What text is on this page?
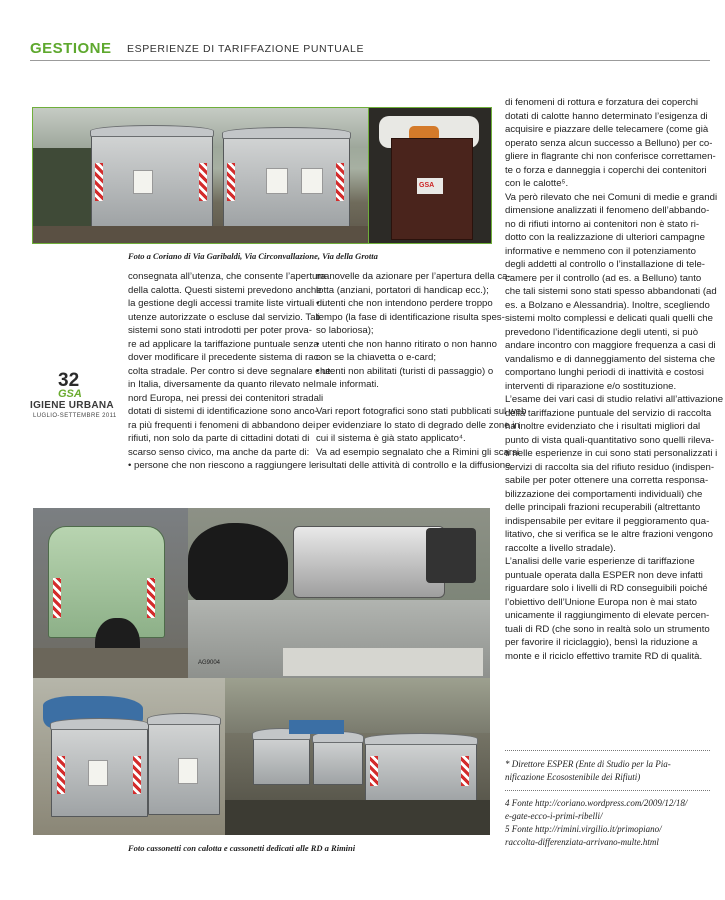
GESTIONE ESPERIENZE DI TARIFFAZIONE PUNTUALE
GSA
Foto a Coriano di Via Garibaldi, Via Circonvallazione, Via della Grotta
consegnata all’utenza, che consente l’apertura
della calotta. Questi sistemi prevedono anche
la gestione degli accessi tramite liste virtuali di
utenze autorizzate o escluse dal servizio. Tali
sistemi sono stati introdotti per poter prova-
re ad applicare la tariffazione puntuale senza
dover modificare il precedente sistema di rac-
colta stradale. Per contro si deve segnalare che
in Italia, diversamente da quanto rilevato nel
nord Europa, nei pressi dei contenitori stradali
dotati di sistemi di identificazione sono anco-
ra più frequenti i fenomeni di abbandono dei
rifiuti, non solo da parte di cittadini dotati di
scarso senso civico, ma anche da parte di:
• persone che non riescono a raggiungere le
manovelle da azionare per l’apertura della ca-
lotta (anziani, portatori di handicap ecc.);
• utenti che non intendono perdere troppo
tempo (la fase di identificazione risulta spes-
so laboriosa);
• utenti che non hanno ritirato o non hanno
con se la chiavetta o e-card;
• utenti non abilitati (turisti di passaggio) o
male informati.
Vari report fotografici sono stati pubblicati sul web
per evidenziare lo stato di degrado delle zone in
cui il sistema è già stato applicato⁴.
Va ad esempio segnalato che a Rimini gli scarsi
risultati delle attività di controllo e la diffusione
di fenomeni di rottura e forzatura dei coperchi
dotati di calotte hanno determinato l’esigenza di
acquisire e piazzare delle telecamere (come già
operato senza alcun successo a Belluno) per co-
gliere in flagrante chi non conferisce correttamen-
te o forza e danneggia i coperchi dei contenitori
con le calotte⁵.
Va però rilevato che nei Comuni di medie e grandi
dimensione analizzati il fenomeno dell’abbando-
no di rifiuti intorno ai contenitori non è stato ri-
dotto con la realizzazione di ulteriori campagne
informative e nemmeno con il potenziamento
degli addetti al controllo o l’installazione di tele-
camere per il controllo (ad es. a Belluno) tanto
che tali sistemi sono stati spesso abbandonati (ad
es. a Bolzano e Alessandria). Inoltre, scegliendo
sistemi molto complessi e delicati quali quelli che
prevedono l’identificazione degli utenti, si può
andare incontro con maggiore frequenza a casi di
vandalismo e di danneggiamento del sistema che
comportano lunghi periodi di inattività e costosi
interventi di riparazione e/o sostituzione.
L’esame dei vari casi di studio relativi all’attivazione
della tariffazione puntuale del servizio di raccolta
ha inoltre evidenziato che i risultati migliori dal
punto di vista quali-quantitativo sono quelli rileva-
ti nelle esperienze in cui sono stati personalizzati i
servizi di raccolta sia del rifiuto residuo (indispen-
sabile per poter ottenere una corretta responsa-
bilizzazione dei comportamenti individuali) che
delle principali frazioni recuperabili (altrettanto
indispensabile per evitare il peggioramento qua-
litativo, che si verifica se le altre frazioni vengono
raccolte a livello stradale).
L’analisi delle varie esperienze di tariffazione
puntuale operata dalla ESPER non deve infatti
riguardare solo i livelli di RD conseguibili poiché
l’obiettivo dell’Unione Europa non è mai stato
unicamente il raggiungimento di elevate percen-
tuali di RD (che sono in realtà solo un strumento
per favorire il riciclaggio), bensì la riduzione a
monte e il riciclo effettivo tramite RD di qualità.
32
GSA
IGIENE URBANA
LUGLIO-SETTEMBRE 2011
AG9004
Foto cassonetti con calotta e cassonetti dedicati alle RD a Rimini
* Direttore ESPER (Ente di Studio per la Pia-
nificazione Ecosostenibile dei Rifiuti)
4 Fonte http://coriano.wordpress.com/2009/12/18/
e-gate-ecco-i-primi-ribelli/
5 Fonte http://rimini.virgilio.it/primopiano/
raccolta-differenziata-arrivano-multe.html
